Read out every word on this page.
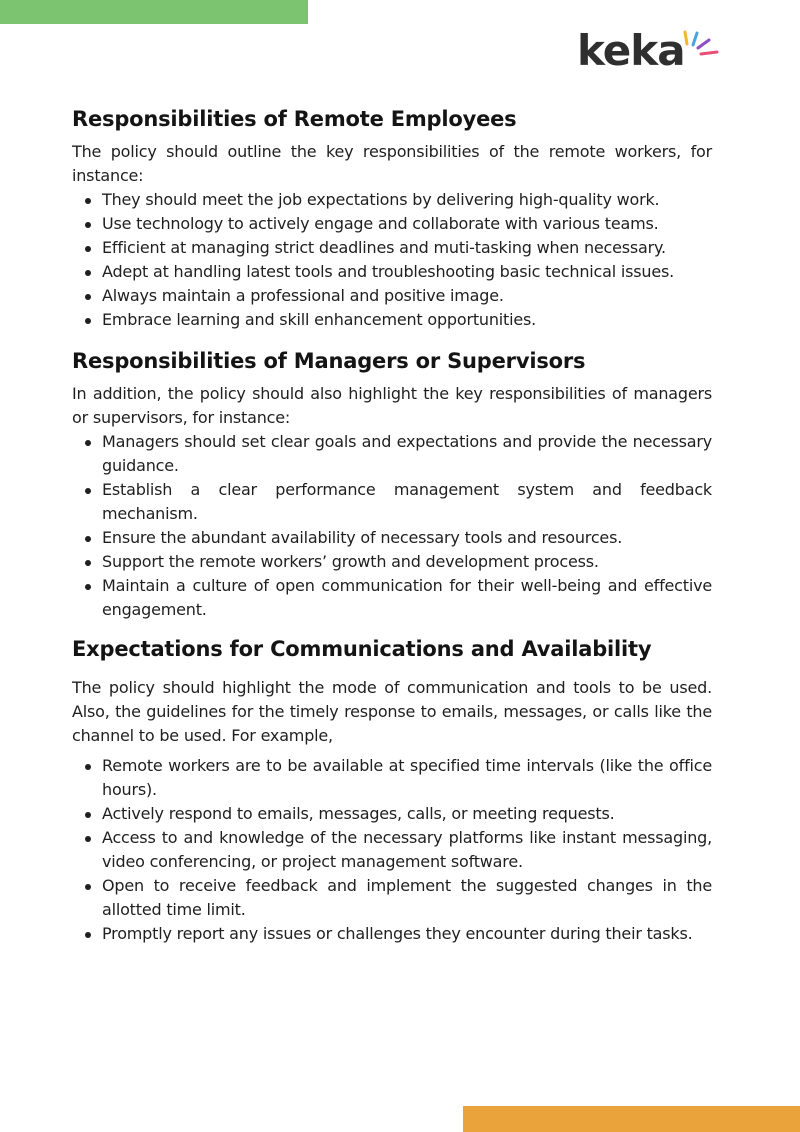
keka
Responsibilities of Remote Employees

The policy should outline the key responsibilities of the remote workers, for instance:

They should meet the job expectations by delivering high-quality work.
Use technology to actively engage and collaborate with various teams.
Efficient at managing strict deadlines and muti-tasking when necessary.
Adept at handling latest tools and troubleshooting basic technical issues.
Always maintain a professional and positive image.
Embrace learning and skill enhancement opportunities.
Responsibilities of Managers or Supervisors

In addition, the policy should also highlight the key responsibilities of managers or supervisors, for instance:

Managers should set clear goals and expectations and provide the necessary guidance.
Establish a clear performance management system and feedback mechanism.
Ensure the abundant availability of necessary tools and resources.
Support the remote workers’ growth and development process.
Maintain a culture of open communication for their well-being and effective engagement.
Expectations for Communications and Availability

The policy should highlight the mode of communication and tools to be used. Also, the guidelines for the timely response to emails, messages, or calls like the channel to be used. For example,

Remote workers are to be available at specified time intervals (like the office hours).
Actively respond to emails, messages, calls, or meeting requests.
Access to and knowledge of the necessary platforms like instant messaging, video conferencing, or project management software.
Open to receive feedback and implement the suggested changes in the allotted time limit.
Promptly report any issues or challenges they encounter during their tasks.
